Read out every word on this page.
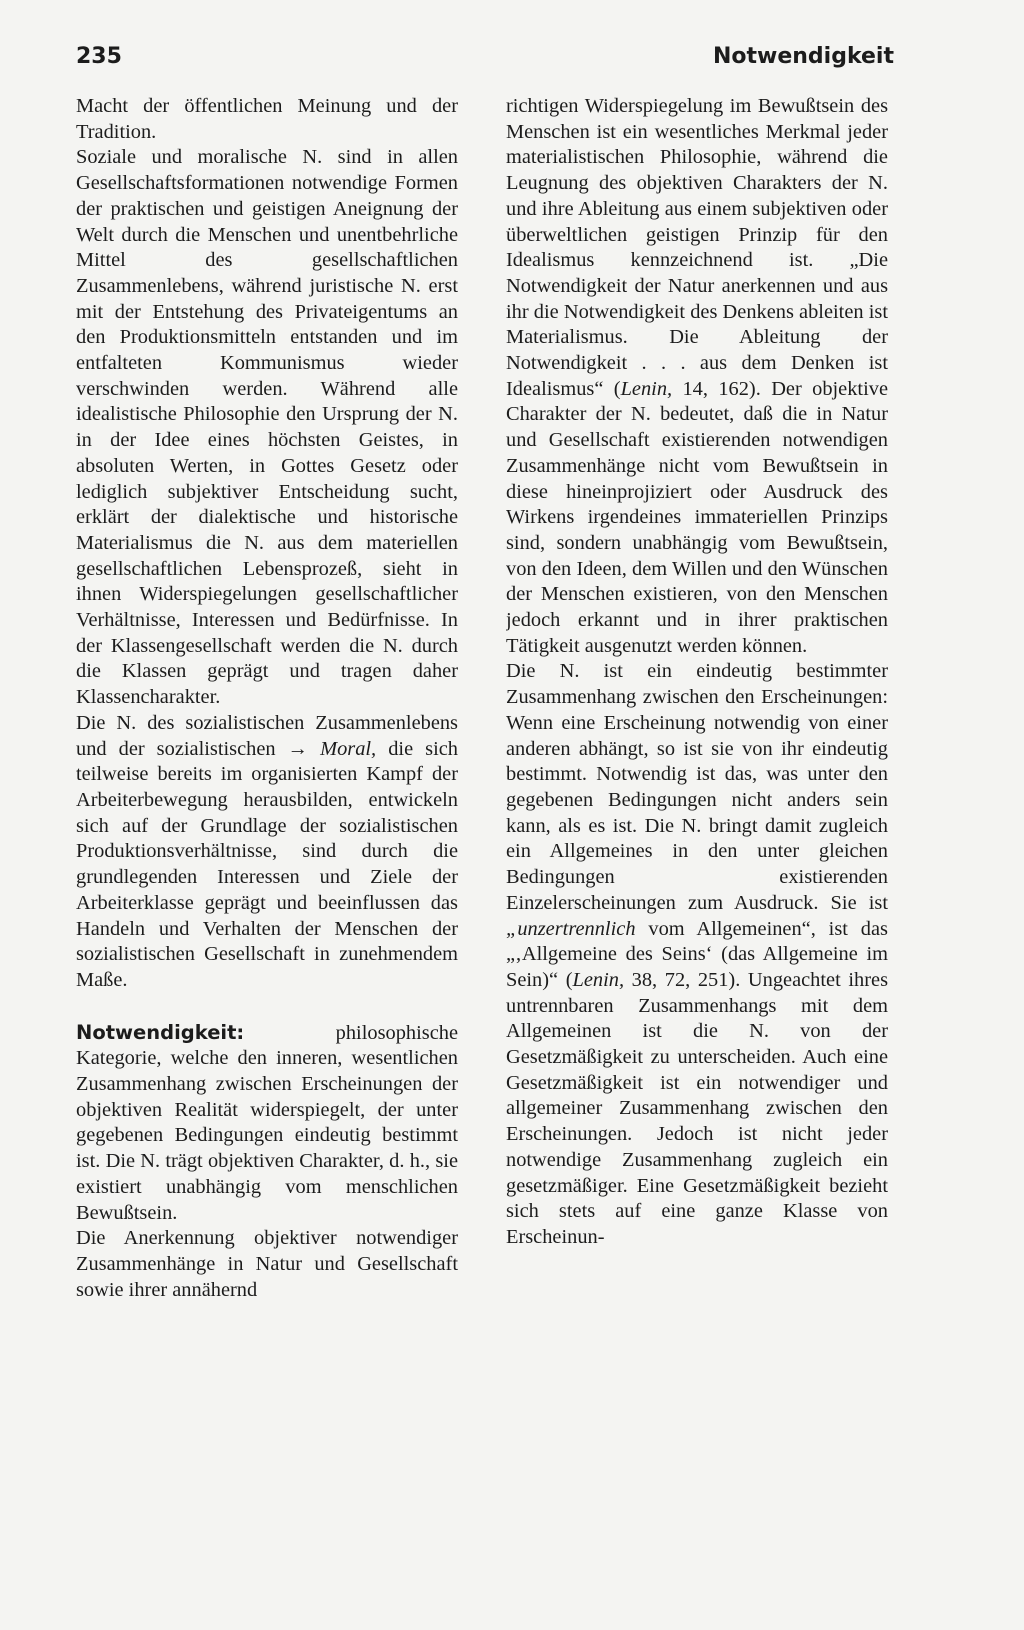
235	Notwendigkeit

Macht der öffentlichen Meinung und der Tradition.

Soziale und moralische N. sind in allen Gesellschaftsformationen notwendige Formen der praktischen und geistigen Aneignung der Welt durch die Menschen und unentbehrliche Mittel des gesellschaftlichen Zusammenlebens, während juristische N. erst mit der Entstehung des Privateigentums an den Produktionsmitteln entstanden und im entfalteten Kommunismus wieder verschwinden werden. Während alle idealistische Philosophie den Ursprung der N. in der Idee eines höchsten Geistes, in absoluten Werten, in Gottes Gesetz oder lediglich subjektiver Entscheidung sucht, erklärt der dialektische und historische Materialismus die N. aus dem materiellen gesellschaftlichen Lebensprozeß, sieht in ihnen Widerspiegelungen gesellschaftlicher Verhältnisse, Interessen und Bedürfnisse. In der Klassengesellschaft werden die N. durch die Klassen geprägt und tragen daher Klassencharakter.

Die N. des sozialistischen Zusammenlebens und der sozialistischen → Moral, die sich teilweise bereits im organisierten Kampf der Arbeiterbewegung herausbilden, entwickeln sich auf der Grundlage der sozialistischen Produktionsverhältnisse, sind durch die grundlegenden Interessen und Ziele der Arbeiterklasse geprägt und beeinflussen das Handeln und Verhalten der Menschen der sozialistischen Gesellschaft in zunehmendem Maße.

Notwendigkeit:	philosophische Kategorie, welche den inneren, wesentlichen Zusammenhang zwischen Erscheinungen der objektiven Realität widerspiegelt, der unter gegebenen Bedingungen eindeutig bestimmt ist. Die N. trägt objektiven Charakter, d. h., sie existiert unabhängig vom menschlichen Bewußtsein.

Die Anerkennung objektiver notwendiger Zusammenhänge in Natur und Gesellschaft sowie ihrer annähernd

richtigen Widerspiegelung im Bewußtsein des Menschen ist ein wesentliches Merkmal jeder materialistischen Philosophie, während die Leugnung des objektiven Charakters der N. und ihre Ableitung aus einem subjektiven oder überweltlichen geistigen Prinzip für den Idealismus kennzeichnend ist. „Die Notwendigkeit der Natur anerkennen und aus ihr die Notwendigkeit des Denkens ableiten ist Materialismus. Die Ableitung der Notwendigkeit . . . aus dem Denken ist Idealismus“ (Lenin, 14, 162). Der objektive Charakter der N. bedeutet, daß die in Natur und Gesellschaft existierenden notwendigen Zusammenhänge nicht vom Bewußtsein in diese hineinprojiziert oder Ausdruck des Wirkens irgendeines immateriellen Prinzips sind, sondern unabhängig vom Bewußtsein, von den Ideen, dem Willen und den Wünschen der Menschen existieren, von den Menschen jedoch erkannt und in ihrer praktischen Tätigkeit ausgenutzt werden können.

Die N. ist ein eindeutig bestimmter Zusammenhang zwischen den Erscheinungen: Wenn eine Erscheinung notwendig von einer anderen abhängt, so ist sie von ihr eindeutig bestimmt. Notwendig ist das, was unter den gegebenen Bedingungen nicht anders sein kann, als es ist. Die N. bringt damit zugleich ein Allgemeines in den unter gleichen Bedingungen existierenden Einzelerscheinungen zum Ausdruck. Sie ist „unzertrennlich vom Allgemeinen“, ist das „‚Allgemeine des Seins‘ (das Allgemeine im Sein)“ (Lenin, 38, 72, 251). Ungeachtet ihres untrennbaren Zusammenhangs mit dem Allgemeinen ist die N. von der Gesetzmäßigkeit zu unterscheiden. Auch eine Gesetzmäßigkeit ist ein notwendiger und allgemeiner Zusammenhang zwischen den Erscheinungen. Jedoch ist nicht jeder notwendige Zusammenhang zugleich ein gesetzmäßiger. Eine Gesetzmäßigkeit bezieht sich stets auf eine ganze Klasse von Erscheinun-
